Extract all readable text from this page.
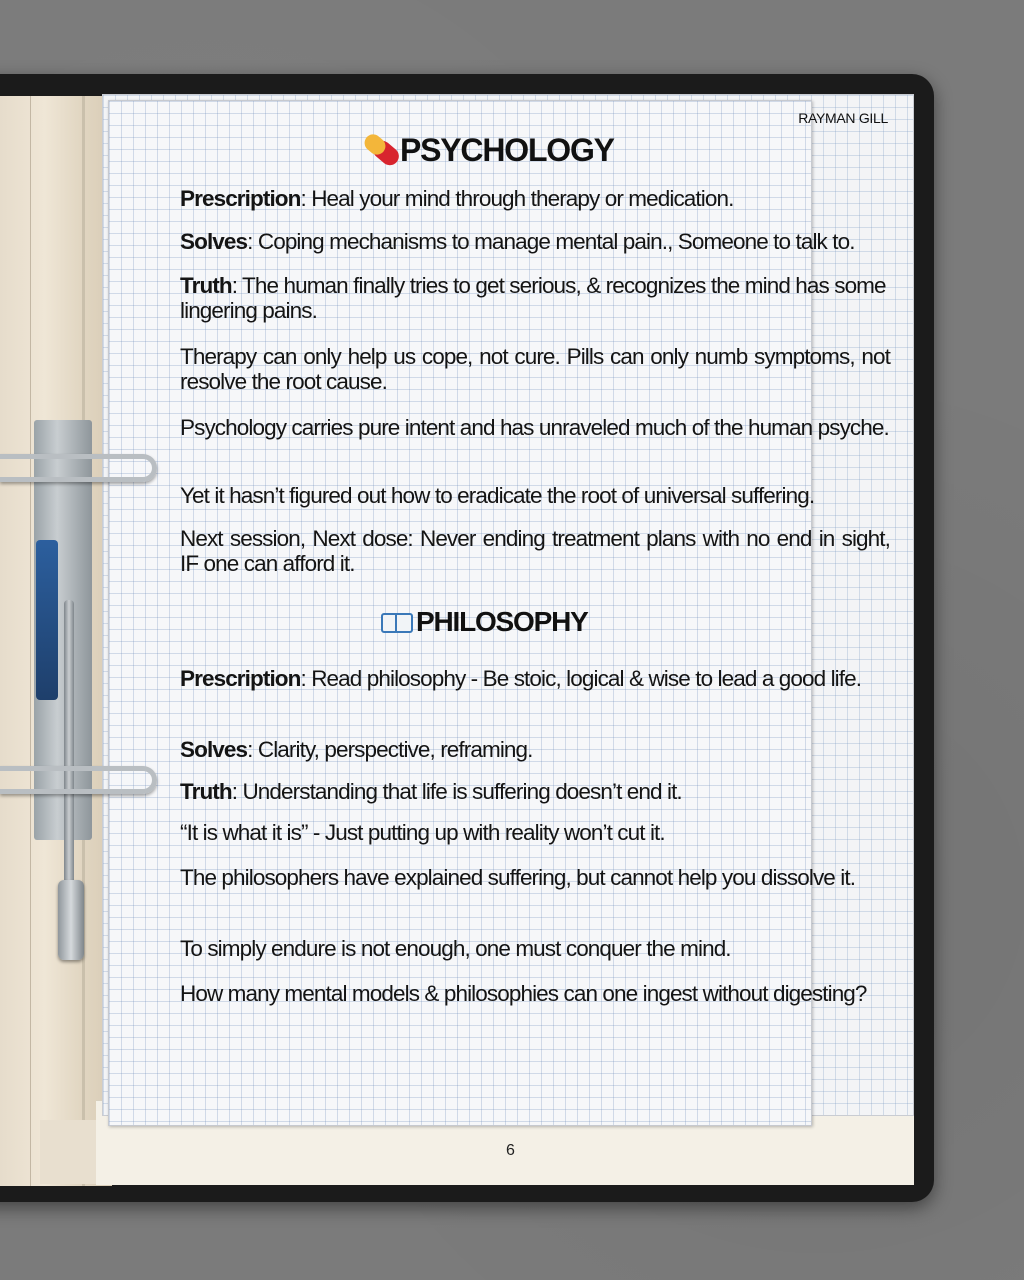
RAYMAN GILL
PSYCHOLOGY
Prescription: Heal your mind through therapy or medication.
Solves: Coping mechanisms to manage mental pain., Someone to talk to.
Truth: The human finally tries to get serious, & recognizes the mind has some lingering pains.
Therapy can only help us cope, not cure. Pills can only numb symptoms, not resolve the root cause.
Psychology carries pure intent and has unraveled much of the human psyche.
Yet it hasn’t figured out how to eradicate the root of universal suffering.
Next session, Next dose: Never ending treatment plans with no end in sight, IF one can afford it.
PHILOSOPHY
Prescription: Read philosophy - Be stoic, logical & wise to lead a good life.
Solves: Clarity, perspective, reframing.
Truth: Understanding that life is suffering doesn’t end it.
“It is what it is” - Just putting up with reality won’t cut it.
The philosophers have explained suffering, but cannot help you dissolve it.
To simply endure is not enough, one must conquer the mind.
How many mental models & philosophies can one ingest without digesting?
6
